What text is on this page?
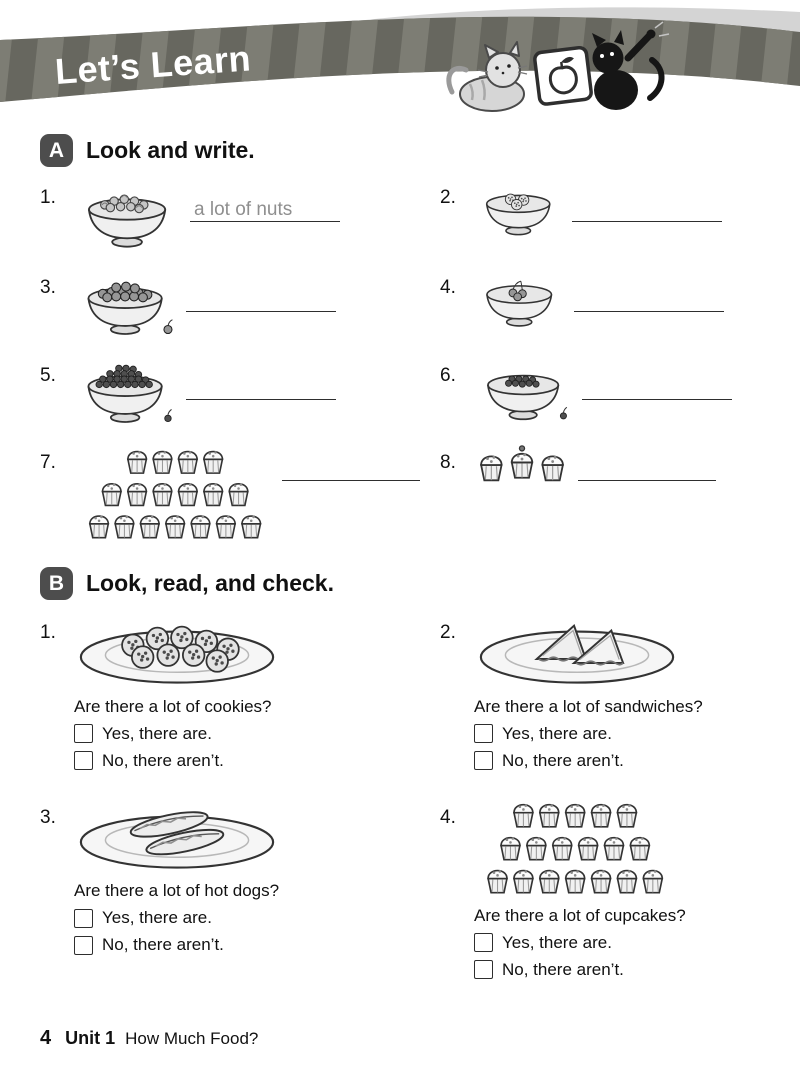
Let’s Learn
A Look and write.
1.
a lot of nuts
2.
3.	4.
5.	6.
7.	8.
B Look, read, and check.
1.
Are there a lot of cookies?
Yes, there are.
No, there aren’t.
2.
Are there a lot of sandwiches?
Yes, there are.
No, there aren’t.
3.
Are there a lot of hot dogs?
Yes, there are.
No, there aren’t.
4.
Are there a lot of cupcakes?
Yes, there are.
No, there aren’t.
4 Unit 1 How Much Food?
